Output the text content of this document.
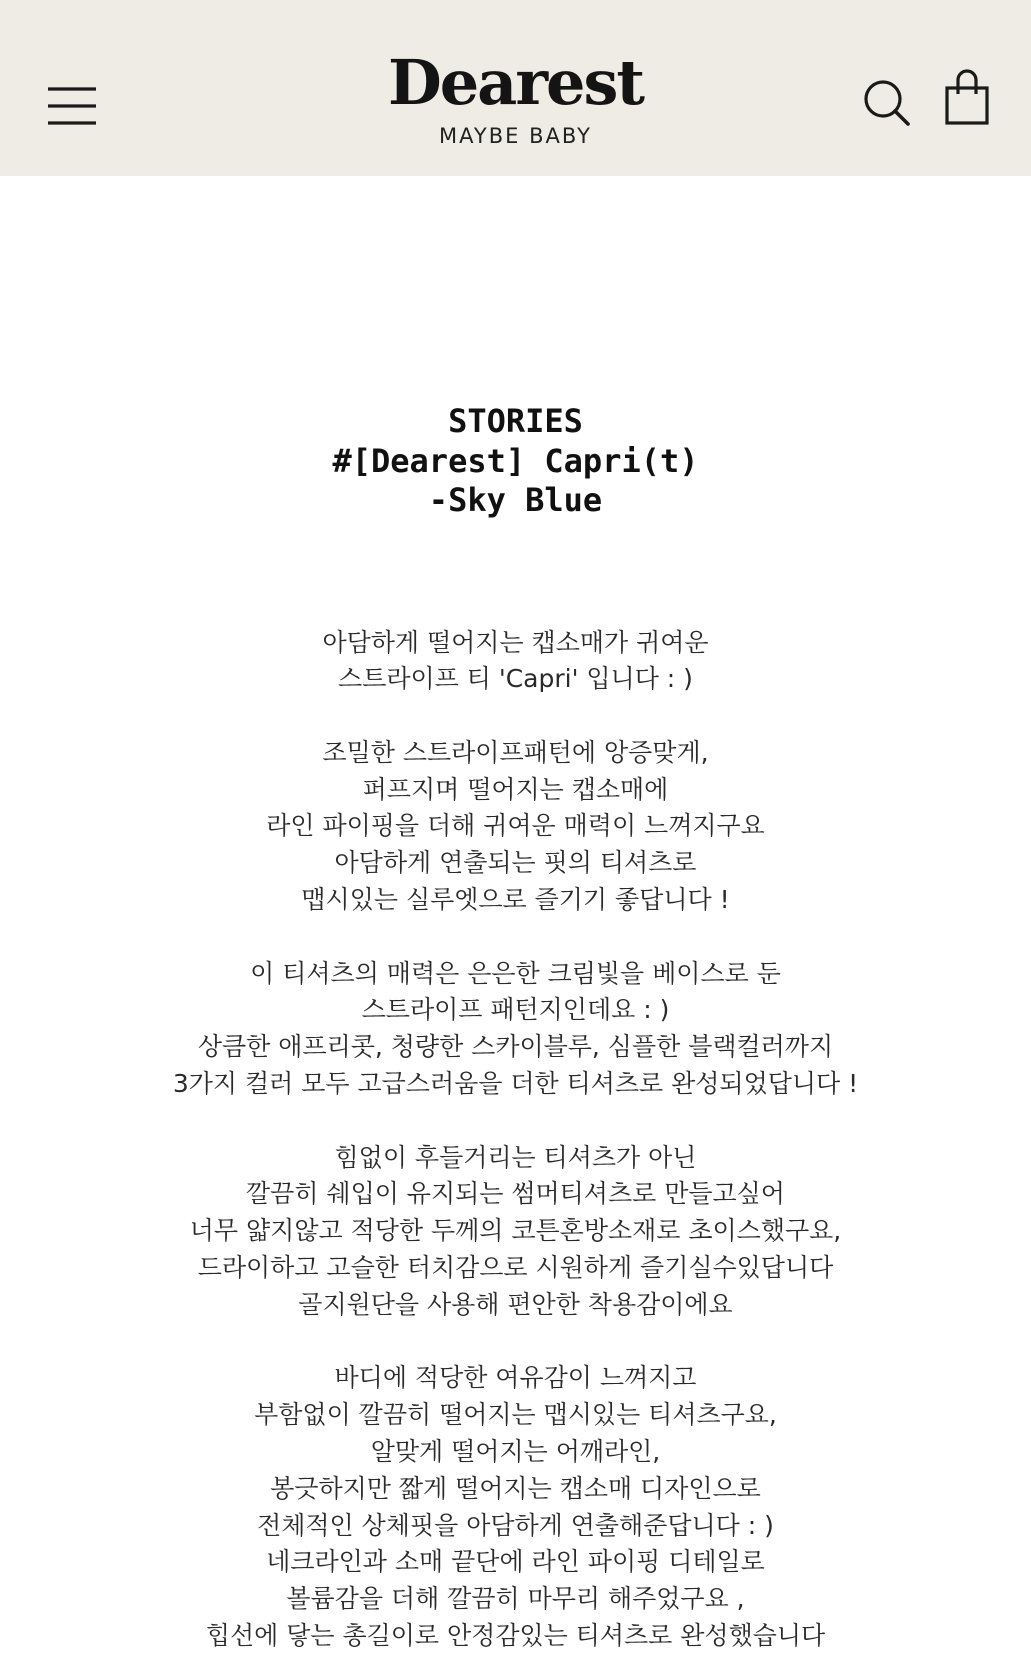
Dearest
MAYBE BABY
STORIES
#[Dearest] Capri(t)
-Sky Blue

아담하게 떨어지는 캡소매가 귀여운
스트라이프 티 'Capri' 입니다 : )

조밀한 스트라이프패턴에 앙증맞게,
퍼프지며 떨어지는 캡소매에
라인 파이핑을 더해 귀여운 매력이 느껴지구요
아담하게 연출되는 핏의 티셔츠로
맵시있는 실루엣으로 즐기기 좋답니다 !

이 티셔츠의 매력은 은은한 크림빛을 베이스로 둔
스트라이프 패턴지인데요 : )
상큼한 애프리콧, 청량한 스카이블루, 심플한 블랙컬러까지
3가지 컬러 모두 고급스러움을 더한 티셔츠로 완성되었답니다 !

힘없이 후들거리는 티셔츠가 아닌
깔끔히 쉐입이 유지되는 썸머티셔츠로 만들고싶어
너무 얇지않고 적당한 두께의 코튼혼방소재로 초이스했구요,
드라이하고 고슬한 터치감으로 시원하게 즐기실수있답니다
골지원단을 사용해 편안한 착용감이에요

바디에 적당한 여유감이 느껴지고
부함없이 깔끔히 떨어지는 맵시있는 티셔츠구요,
알맞게 떨어지는 어깨라인,
봉긋하지만 짧게 떨어지는 캡소매 디자인으로
전체적인 상체핏을 아담하게 연출해준답니다 : )
네크라인과 소매 끝단에 라인 파이핑 디테일로
볼륨감을 더해 깔끔히 마무리 해주었구요 ,
힙선에 닿는 총길이로 안정감있는 티셔츠로 완성했습니다
